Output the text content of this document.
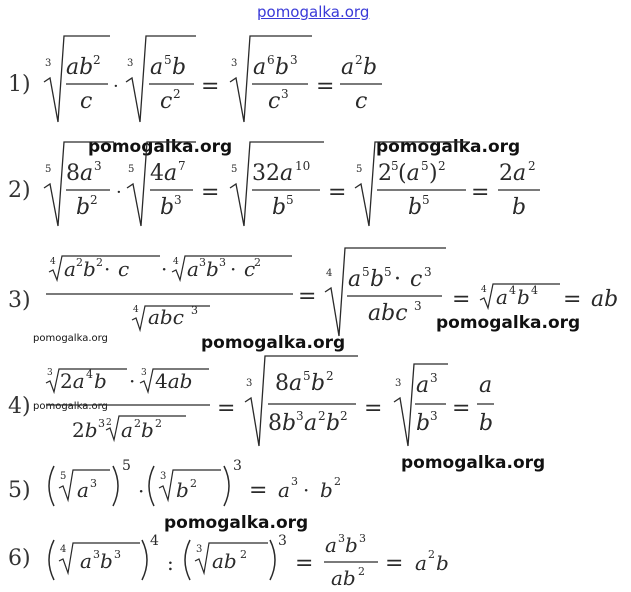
pomogalka.org
pomogalka.org	pomogalka.org
pomogalka.org
pomogalka.org
pomogalka.org
pomogalka.org
pomogalka.org
pomogalka.org
1)
3 ab 2
c
·
3 a 5 b
c 2 =
3 a 6 b 3
c 3 =
a 2 b
c
2)
5 8a 3
b 2 ·
5 4a 7
b 3 =
5 32a 10
b 5 =
5 2 5 (a 5 ) 2
b 5 =
2a 2
b
3)
4 a 2 b 2 · c · 4 a 3 b 3 · c
2
4 abc 3
=
4 a 5 b 5 · c 3
abc 3 = 4 a 4 b 4 = ab
4)
3 2a 4 b · 3 4ab
2b 3 2 a 2 b 2
=
3 8a 5 b 2
8b 3 a 2 b 2 =
3 a 3
b 3 =
a
b
5)
5
a 3
5
·
3
b 2
3
= a 3 · b 2
6)	4 a 3 b 3
4
:
3 ab 2
3
=
a 3 b 3
ab 2 = a 2 b
